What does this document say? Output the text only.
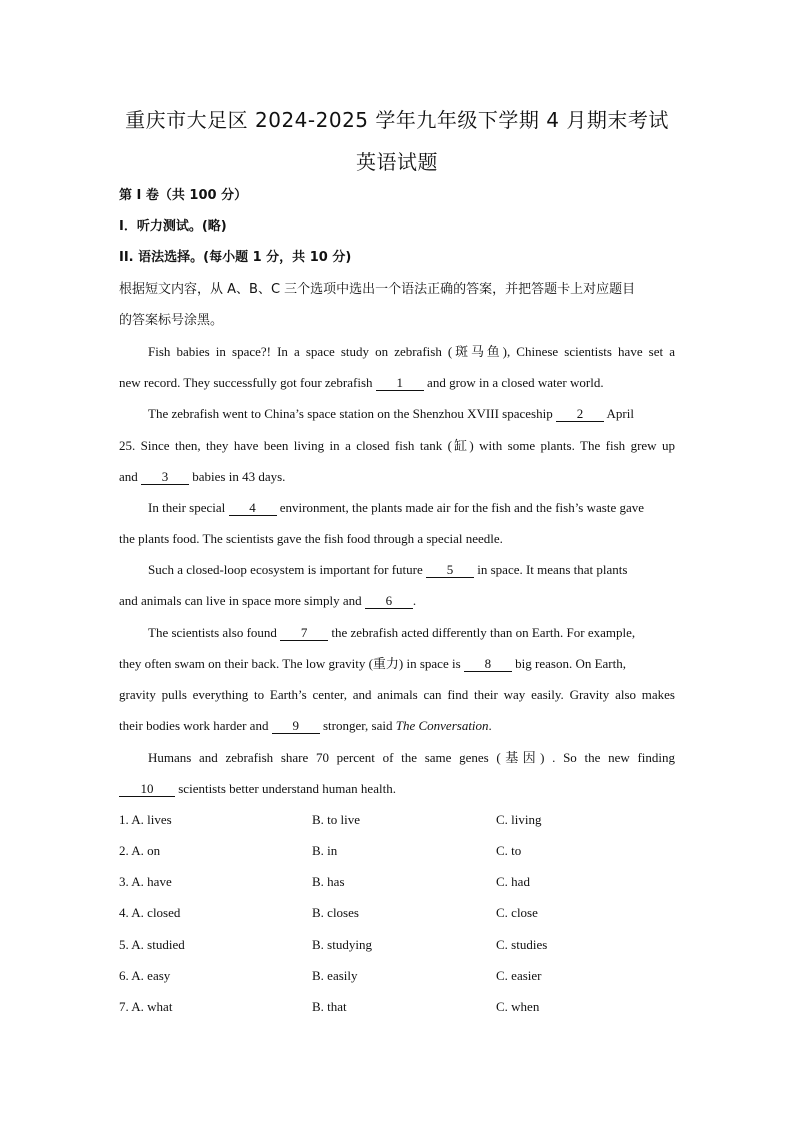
重庆市大足区 2024-2025 学年九年级下学期 4 月期末考试
英语试题
第 I 卷（共 100 分）
Ⅰ．听力测试。(略)
II. 语法选择。(每小题 1 分，共 10 分)
根据短文内容，从 A、B、C 三个选项中选出一个语法正确的答案，并把答题卡上对应题目
的答案标号涂黑。
Fish babies in space?! In a space study on zebrafish (斑马鱼), Chinese scientists have set a
new record. They successfully got four zebrafish 1 and grow in a closed water world.
The zebrafish went to China’s space station on the Shenzhou XVIII spaceship 2 April
25. Since then, they have been living in a closed fish tank (缸) with some plants. The fish grew up
and 3 babies in 43 days.
In their special 4 environment, the plants made air for the fish and the fish’s waste gave
the plants food. The scientists gave the fish food through a special needle.
Such a closed-loop ecosystem is important for future 5 in space. It means that plants
and animals can live in space more simply and 6 .
The scientists also found 7 the zebrafish acted differently than on Earth. For example,
they often swam on their back. The low gravity (重力) in space is 8 big reason. On Earth,
gravity pulls everything to Earth’s center, and animals can find their way easily. Gravity also makes
their bodies work harder and 9 stronger, said The Conversation.
Humans and zebrafish share 70 percent of the same genes (基因) . So the new finding
10 scientists better understand human health.
1. A. lives	B. to live	C. living
2. A. on	B. in	C. to
3. A. have	B. has	C. had
4. A. closed	B. closes	C. close
5. A. studied	B. studying	C. studies
6. A. easy	B. easily	C. easier
7. A. what	B. that	C. when
